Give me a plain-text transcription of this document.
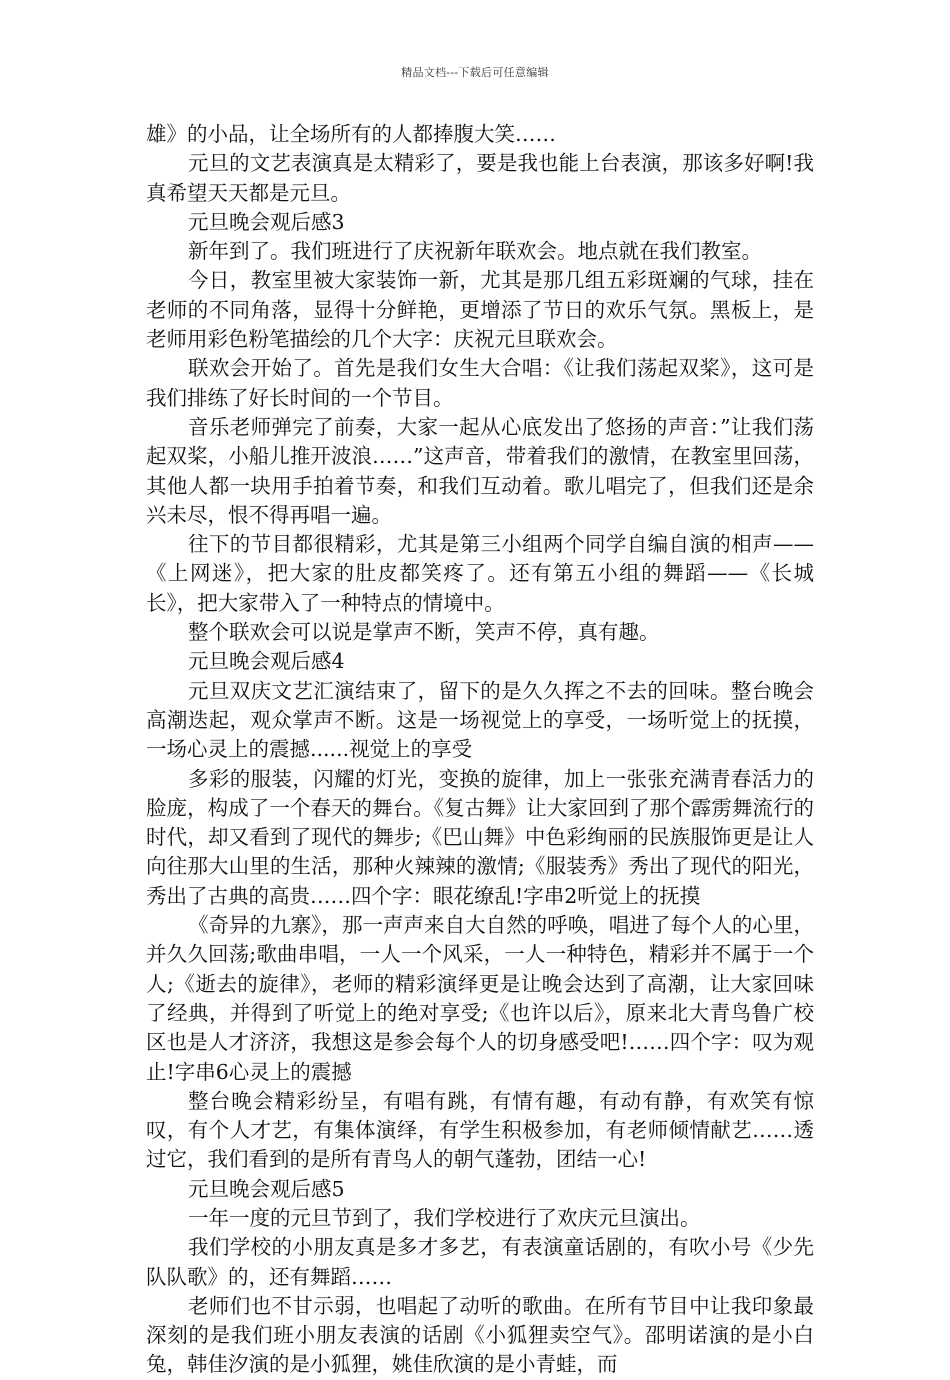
精品文档---下载后可任意编辑

雄》的小品，让全场所有的人都捧腹大笑……

元旦的文艺表演真是太精彩了，要是我也能上台表演，那该多好啊!我真希望天天都是元旦。

元旦晚会观后感3

新年到了。我们班进行了庆祝新年联欢会。地点就在我们教室。

今日，教室里被大家装饰一新，尤其是那几组五彩斑斓的气球，挂在老师的不同角落，显得十分鲜艳，更增添了节日的欢乐气氛。黑板上，是老师用彩色粉笔描绘的几个大字：庆祝元旦联欢会。

联欢会开始了。首先是我们女生大合唱：《让我们荡起双桨》，这可是我们排练了好长时间的一个节目。

音乐老师弹完了前奏，大家一起从心底发出了悠扬的声音：”让我们荡起双桨，小船儿推开波浪……”这声音，带着我们的激情，在教室里回荡，其他人都一块用手拍着节奏，和我们互动着。歌儿唱完了，但我们还是余兴未尽，恨不得再唱一遍。

往下的节目都很精彩，尤其是第三小组两个同学自编自演的相声——《上网迷》，把大家的肚皮都笑疼了。还有第五小组的舞蹈——《长城长》，把大家带入了一种特点的情境中。

整个联欢会可以说是掌声不断，笑声不停，真有趣。

元旦晚会观后感4

元旦双庆文艺汇演结束了，留下的是久久挥之不去的回味。整台晚会高潮迭起，观众掌声不断。这是一场视觉上的享受，一场听觉上的抚摸，一场心灵上的震撼......视觉上的享受

多彩的服装，闪耀的灯光，变换的旋律，加上一张张充满青春活力的脸庞，构成了一个春天的舞台。《复古舞》让大家回到了那个霹雳舞流行的时代，却又看到了现代的舞步;《巴山舞》中色彩绚丽的民族服饰更是让人向往那大山里的生活，那种火辣辣的激情;《服装秀》秀出了现代的阳光，秀出了古典的高贵……四个字：眼花缭乱!字串2听觉上的抚摸

《奇异的九寨》，那一声声来自大自然的呼唤，唱进了每个人的心里，并久久回荡;歌曲串唱，一人一个风采，一人一种特色，精彩并不属于一个人;《逝去的旋律》，老师的精彩演绎更是让晚会达到了高潮，让大家回味了经典，并得到了听觉上的绝对享受;《也许以后》，原来北大青鸟鲁广校区也是人才济济，我想这是参会每个人的切身感受吧!……四个字：叹为观止!字串6心灵上的震撼

整台晚会精彩纷呈，有唱有跳，有情有趣，有动有静，有欢笑有惊叹，有个人才艺，有集体演绎，有学生积极参加，有老师倾情献艺……透过它，我们看到的是所有青鸟人的朝气蓬勃，团结一心!

元旦晚会观后感5

一年一度的元旦节到了，我们学校进行了欢庆元旦演出。

我们学校的小朋友真是多才多艺，有表演童话剧的，有吹小号《少先队队歌》的，还有舞蹈……

老师们也不甘示弱，也唱起了动听的歌曲。在所有节目中让我印象最深刻的是我们班小朋友表演的话剧《小狐狸卖空气》。邵明诺演的是小白兔，韩佳汐演的是小狐狸，姚佳欣演的是小青蛙，而
